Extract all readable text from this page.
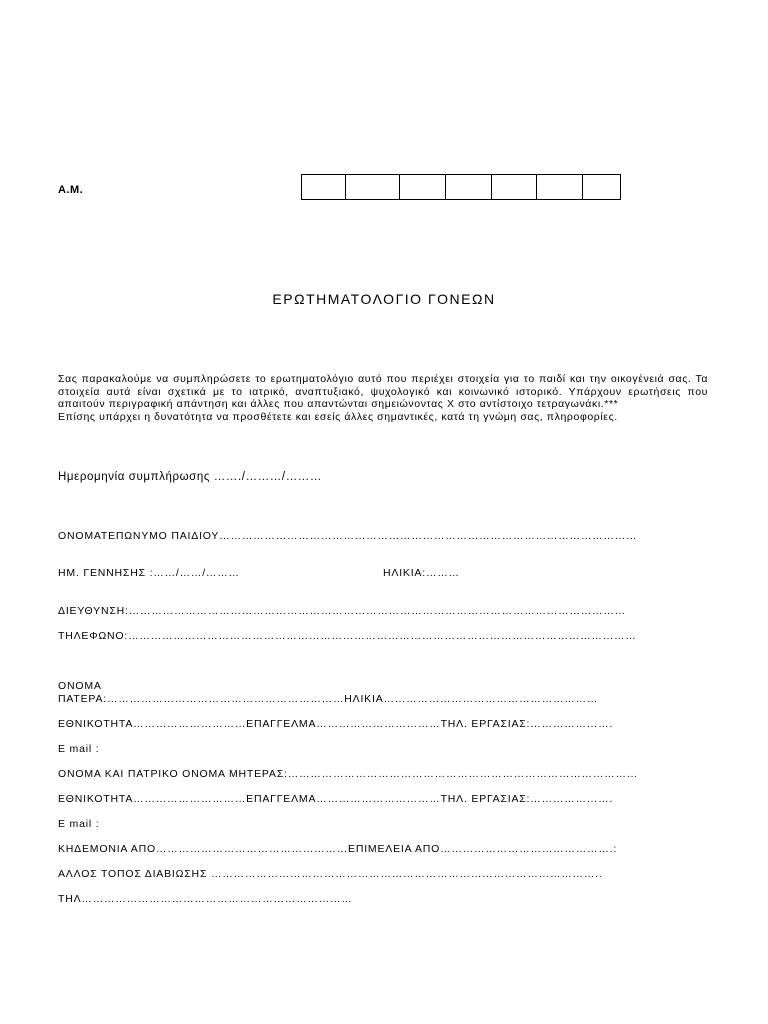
Α.Μ.
ΕΡΩΤΗΜΑΤΟΛΟΓΙΟ ΓΟΝΕΩΝ
Σας παρακαλούμε να συμπληρώσετε το ερωτηματολόγιο αυτό που περιέχει στοιχεία για το παιδί και την οικογένειά σας. Τα στοιχεία αυτά είναι σχετικά με το ιατρικό, αναπτυξιακό, ψυχολογικό και κοινωνικό ιστορικό. Υπάρχουν ερωτήσεις που απαιτούν περιγραφική απάντηση και άλλες που απαντώνται σημειώνοντας Χ στο αντίστοιχο τετραγωνάκι.***
Επίσης υπάρχει η δυνατότητα να προσθέτετε και εσείς άλλες σημαντικές, κατά τη γνώμη σας, πληροφορίες.
Ημερομηνία συμπλήρωσης ……./………/………
ΟΝΟΜΑΤΕΠΩΝΥΜΟ ΠΑΙΔΙΟΥ…………………………………………………………………………………………………
ΗΜ. ΓΕΝΝΗΣΗΣ :……/……/………	ΗΛΙΚΙΑ:………
ΔΙΕΥΘΥΝΣΗ:……………………………………………………………………………………………………………………
ΤΗΛΕΦΩΝΟ:………………………………………………………………………………………………………………………
ΟΝΟΜΑ
ΠΑΤΕΡΑ:………………………………………………………ΗΛΙΚΙΑ…………………………………………………
ΕΘΝΙΚΟΤΗΤΑ…………………………ΕΠΑΓΓΕΛΜΑ……………………………ΤΗΛ. ΕΡΓΑΣΙΑΣ:………………….
E mail :
ΟΝΟΜΑ ΚΑΙ ΠΑΤΡΙΚΟ ΟΝΟΜΑ ΜΗΤΕΡΑΣ:…………………………………………………………………………………
ΕΘΝΙΚΟΤΗΤΑ…………………………ΕΠΑΓΓΕΛΜΑ……………………………ΤΗΛ. ΕΡΓΑΣΙΑΣ:………………….
E mail :
ΚΗΔΕΜΟΝΙΑ ΑΠΟ……………………………………………ΕΠΙΜΕΛΕΙΑ ΑΠΟ……………………………………….:
ΑΛΛΟΣ ΤΟΠΟΣ ΔΙΑΒΙΩΣΗΣ …………………………………………………………………………………………..
ΤΗΛ………………………………………………………………
